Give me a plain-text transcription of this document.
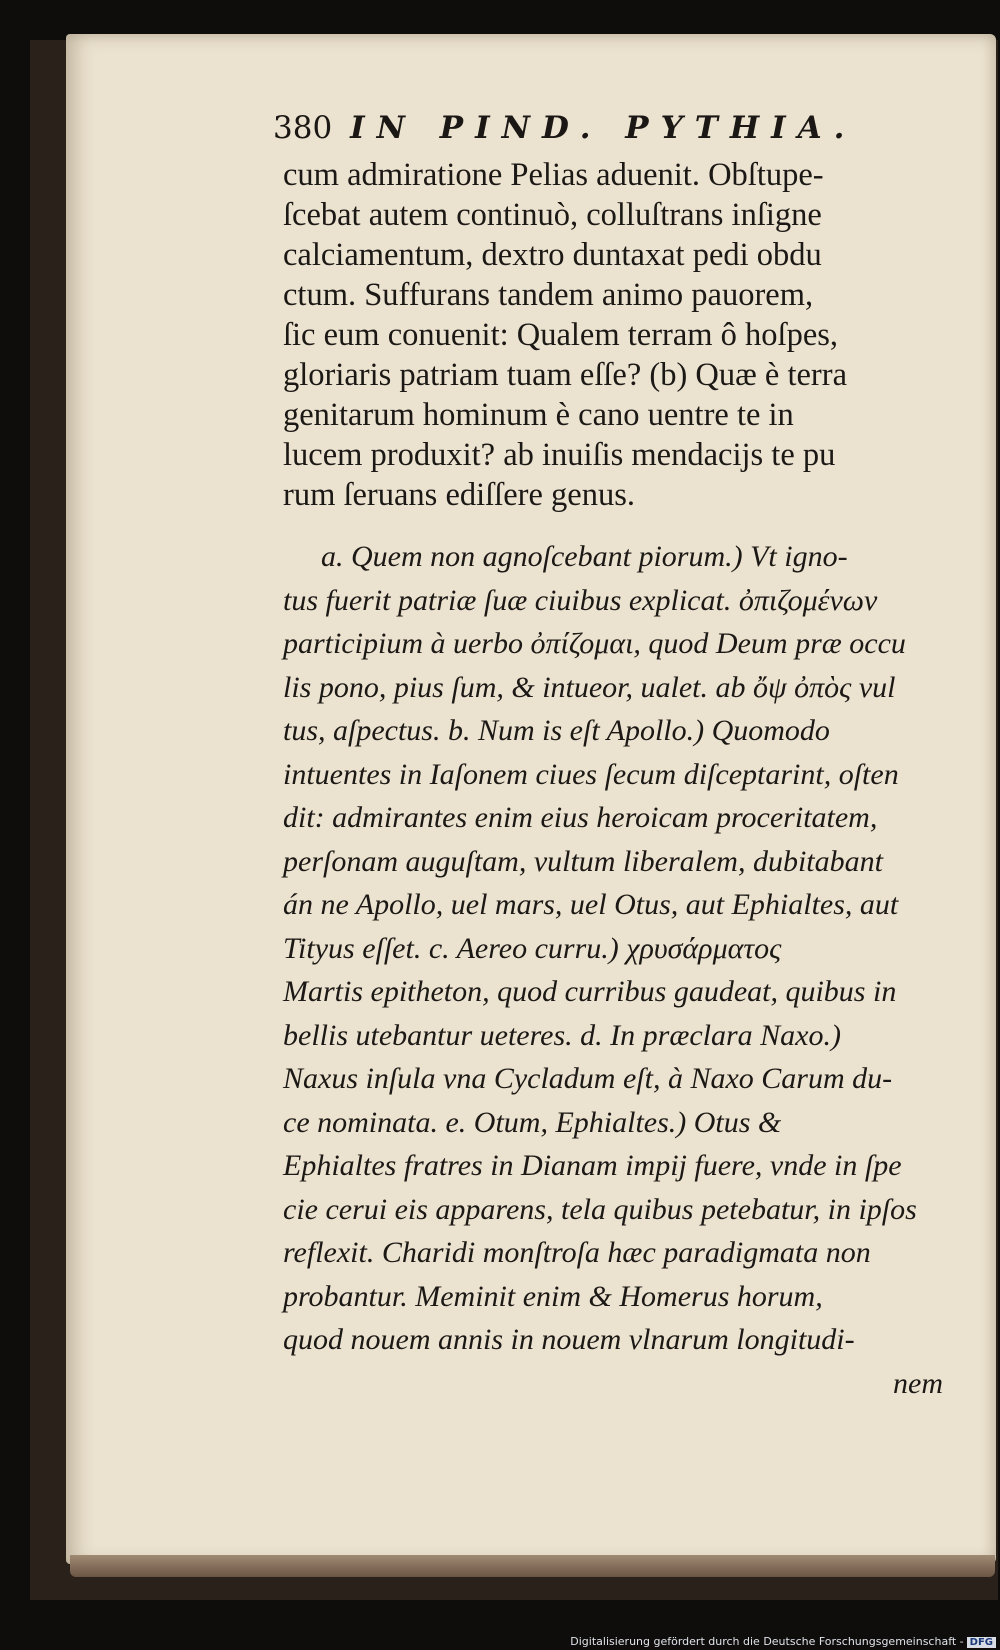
380 IN PIND. PYTHIA.
cum admiratione Pelias aduenit. Obſtupe-
ſcebat autem continuò, colluſtrans inſigne
calciamentum, dextro duntaxat pedi obdu
ctum. Suffurans tandem animo pauorem,
ſic eum conuenit: Qualem terram ô hoſpes,
gloriaris patriam tuam eſſe? (b) Quæ è terra
genitarum hominum è cano uentre te in
lucem produxit? ab inuiſis mendacijs te pu
rum ſeruans ediſſere genus.
a. Quem non agnoſcebant piorum.) Vt igno-
tus fuerit patriæ ſuæ ciuibus explicat. ὀπιζομένων
participium à uerbo ὀπίζομαι, quod Deum præ occu
lis pono, pius ſum, & intueor, ualet. ab ὄψ ὀπὸς vul
tus, aſpectus. b. Num is eſt Apollo.) Quomodo
intuentes in Iaſonem ciues ſecum diſceptarint, oſten
dit: admirantes enim eius heroicam proceritatem,
perſonam auguſtam, vultum liberalem, dubitabant
án ne Apollo, uel mars, uel Otus, aut Ephialtes, aut
Tityus eſſet. c. Aereo curru.) χρυσάρματος
Martis epitheton, quod curribus gaudeat, quibus in
bellis utebantur ueteres. d. In præclara Naxo.)
Naxus inſula vna Cycladum eſt, à Naxo Carum du-
ce nominata. e. Otum, Ephialtes.) Otus &
Ephialtes fratres in Dianam impij fuere, vnde in ſpe
cie cerui eis apparens, tela quibus petebatur, in ipſos
reflexit. Charidi monſtroſa hæc paradigmata non
probantur. Meminit enim & Homerus horum,
quod nouem annis in nouem vlnarum longitudi-
nem
Digitalisierung gefördert durch die Deutsche Forschungsgemeinschaft - DFG
